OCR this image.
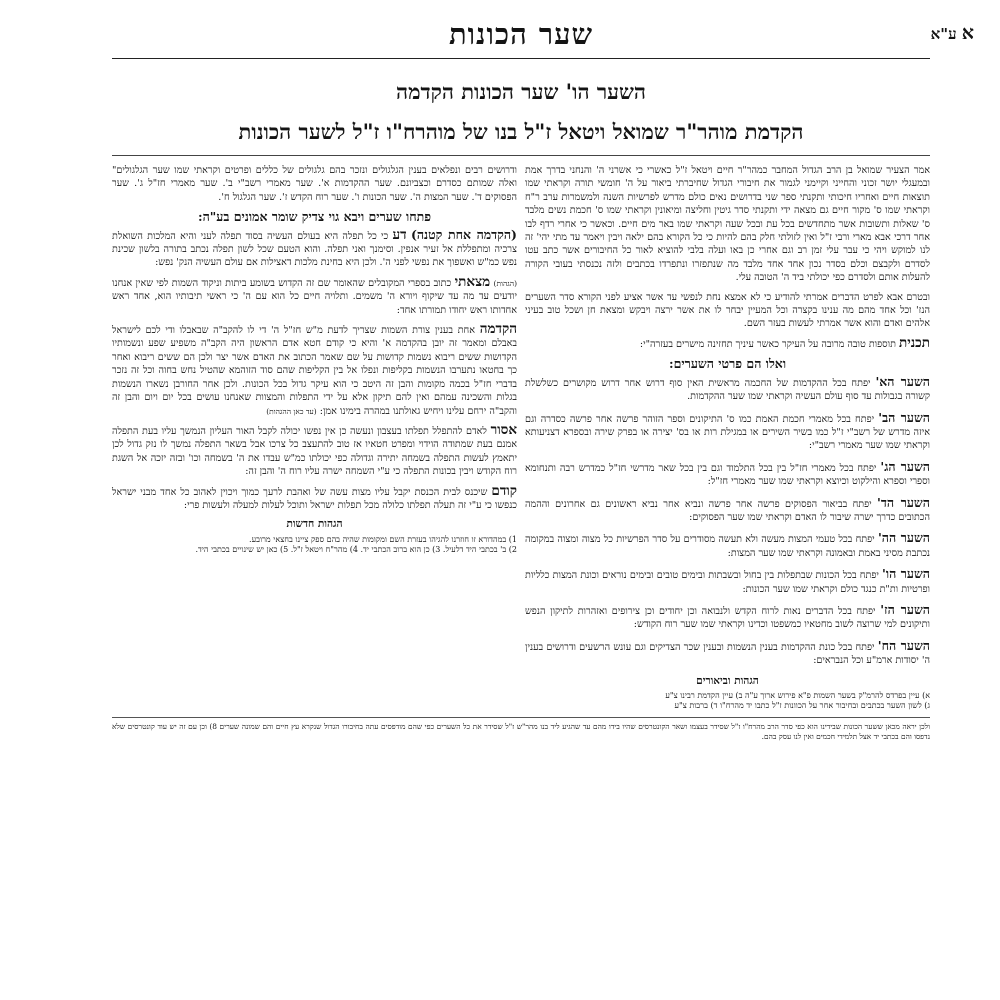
שער הכונות	א ע"א
השער הו' שער הכונות הקדמה
הקדמת מוהר"ר שמואל ויטאל ז"ל בנו של מוהרח"ו ז"ל לשער הכונות

ודרושים רבים ונפלאים בענין הגלגולים ונזכר בהם גלגולים של כללים ופרטים וקראתי שמו שער הגלגולים" ואלה שמותם כסדרם וכצביונם. שער ההקדמות א'. שער מאמרי רשב"י ב'. שער מאמרי חז"ל ג'. שער הפסוקים ד'. שער המצות ה'. שער הכונות ו'. שער רוח הקדש ז'. שער הגלגול ח'.

פתחו שערים ויבא גוי צדיק שומר אמונים בע"ה:

(הקדמה אחת קטנה) דע כי כל תפלה היא בעולם העשיה בסוד תפלה לעני והיא המלכות השואלת צרכיה ומתפללת אל זעיר אנפין. וסימנך ואני תפלה. והוא הטעם שכל לשון תפלה נכתב בתורה בלשון שכינת נפש כמ"ש ואשפוך את נפשי לפני ה'. ולכן היא בחינת מלכות דאצילות אם עולם העשיה הנק' נפש:

(הגהות) מצאתי כתוב בספרי המקובלים שהאומר שם זה הקדוש בשומע ביתות וניקוד השמות לפי שאין אנחנו יודעים עד מה עד שיקוף ויורא ה' משמים. ותלויה חיים כל הוא עם ה' כי ראשי תיבותיו הוא, אחד ראש אחדותו ראש יחודו תמורתו אחד:

הקדמה אחת בענין צורת השמות שצריך לדעת מ"ש חז"ל ה' די לו להקב"ה שבאבלו ודי לכם לישראל באבלם ומאמר זה יובן בהקדמה א' והיא כי קודם חטא אדם הראשון היה הקב"ה משפיע שפע ונשמותיו הקדושות ששים ריבוא נשמות קדושות על שם שאמר הכתוב את האדם אשר יצר ולכן הם ששים ריבוא ואחר כך בחטאו נתערבו הנשמות בקליפות ונפלו אל בין הקליפות שהם סוד הזוהמא שהטיל נחש בחוה וכל זה נזכר בדברי חז"ל בכמה מקומות והבן זה היטב כי הוא עיקר גדול בכל הכונות. ולכן אחר החורבן נשארו הנשמות בגלות והשכינה עמהם ואין להם תיקון אלא על ידי התפלות והמצוות שאנחנו עושים בכל יום ויום והבן זה והקב"ה ירחם עלינו ויחיש גאולתנו במהרה בימינו אמן: (עד כאן ההגהות)

אסור לאדם להתפלל תפלתו בעצבון ונעשה כן אין נפשו יכולה לקבל האור העליון הנמשך עליו בעת התפלה אמנם בעת שמתודה הוידוי ומפרט חטאיו אז טוב להתעצב כל צרכו אבל בשאר התפלה נמשך לו נזק גדול לכן יתאמץ לעשות התפלה בשמחה יתירה וגדולה כפי יכולתו כמ"ש עבדו את ה' בשמחה וכו' ובזה יזכה אל השגת רוח הקודש ויבין בכונות התפלה כי ע"י השמחה ישרה עליו רוח ה' והבן זה:

קודם שיכנס לבית הכנסת יקבל עליו מצות עשה של ואהבת לרעך כמוך ויכוין לאהוב כל אחד מבני ישראל כנפשו כי ע"י זה תעלה תפלתו כלולה מכל תפלות ישראל ותוכל לעלות למעלה ולעשות פרי:

הגהות חדשות
1) במהדורא זו חוזרנו להגיהו בעזרת השם ומקומות שהיה בהם ספק ציינו בחצאי מרובע.
2) ב' בכתבי היד דלעיל. 3) כן הוא ברוב הכתבי יד. 4) מהר"ח ויטאל ז"ל. 5) כאן יש שינויים בכתבי היד.

אמר הצעיר שמואל בן הרב הגדול המחבר כמהר"ר חיים ויטאל ז"ל כאשרי כי אשרני ה' והנחני בדרך אמת ובמעגלי יושר זכוני והחייני וקיימני לגמור את חיבורי הגדול שחיברתי ביאור על ה' חומשי תורה וקראתי שמו תוצאות חיים ואחריו חיכותי ותקנתי ספר שני בדרושים נאים כולם מדרש לפרשיות השנה ולמשמרות ערב ר"ח וקראתי שמו ס' מקור חיים גם מצאה ידי ותקנתי סדר גיטין וחליצה ומיאונין וקראתי שמו ס' חכמת נשים מלבד ס' שאלות ותשובות אשר מתחדשים בכל עת ובכל שעה וקראתי שמו באר מים חיים. וכאשר כי אחרי רדף לבו אחר דרכי אבא מארי ורבי ז"ל ואין לזולתי חלק בהם להיות כי כל הקורא בהם ילאה ויבין ויאמר עד מתי יהי' זה לנו למוקש ויהי כי עבר עלי זמן רב וגם אחרי כן באו ועלה בלבי להוציא לאור כל החיבורים אשר כתב עטו לסדרם ולקבצם וכלם בסדר נכון אחד אחד מלבד מה שנתפזרו ונתפרדו בכתבים ולזה נכנסתי בעובי הקורה להעלות אותם ולסדרם כפי יכולתי ביד ה' הטובה עלי.

ובטרם אבא לפרט הדברים אמרתי להודיע כי לא אמצא נחת לנפשי עד אשר אציע לפני הקורא סדר השערים הנז' וכל אחד מהם מה ענינו בקצרה וכל המעיין יבחר לו את אשר ירצה ויבקש ומצאת חן ושכל טוב בעיני אלהים ואדם והוא אשר אמרתי לעשות בעזר השם.

תכנית תוספות טובה מרובה על העיקר כאשר עיניך תחזינה מישרים בעזרה"י:

ואלו הם פרטי השערים:
השער הא' יפתח בכל ההקדמות של החכמה מראשית האין סוף דרוש אחר דרוש מקושרים כשלשלת קשורה בגבולות עד סוף עולם העשיה וקראתי שמו שער ההקדמות.
השער הב' יפתח בכל מאמרי חכמת האמת כמו ס' התיקונים וספר הזוהר פרשה אחר פרשה כסדרה וגם איזה מדרש של רשב"י ז"ל כמו בשיר השירים או במגילת רות או בס' יצירה או בפרק שירה ובספרא דצניעותא וקראתי שמו שער מאמרי רשב"י:
השער הג' יפתח בכל מאמרי חז"ל בין בכל התלמוד וגם בין בכל שאר מדרשי חז"ל כמדרש רבה ותנחומא וספרי וספרא והילקוט וכיוצא וקראתי שמו שער מאמרי חז"ל:
השער הד' יפתח בביאור הפסוקים פרשה אחר פרשה ונביא אחר נביא ראשונים גם אחרונים וההמה הכתובים כדרך ישרה שיבור לו האדם וקראתי שמו שער הפסוקים:
השער הה' יפתח בכל טעמי המצות מעשה ולא תעשה מסודרים על סדר הפרשיות כל מצוה ומצוה במקומה נכתבת מסיני באמת ובאמונה וקראתי שמו שער המצות:
השער הו' יפתח בכל הכונות שבתפלות בין בחול ובשבתות ובימים טובים ובימים נוראים וכונת המצות כלליות ופרטיות ות"ת כנגד כולם וקראתי שמו שער הכונות:
השער הז' יפתח בכל הדברים נאות לרוח הקדש ולנבואה וכן יחודים וכן צירופים ואזהרות לתיקון הנפש ותיקונים למי שרוצה לשוב מחטאיו כמשפטו וכדינו וקראתי שמו שער רוח הקודש:
השער הח' יפתח בכל כונת ההקדמות בענין הנשמות ובענין שכר הצדיקים וגם עונש הרשעים ודרושים בענין ה' יסודות ארמ"ע וכל הנבראים:
הגהות וביאורים
א) עיין בפרדס להרמ"ק בשער השמות פ"א פירוש ארוך ע"ה ב) עיין הקדמת רבינו צ"ע
ג) לשון השער בכתבים ובחיבור אחר על הכוונות ז"ל כתבו יד מהרח"ו ד) ברבות צ"ע
ולכן יראה מכאן ששער הכונות שבידינו הוא כפי סדר הרב מהרח"ו ז"ל שסידר בעצמו ושאר הקונטרסים שהיו בידו מהם עד שהגיע ליד בנו מהר"ש ז"ל שסידר את כל השערים כפי שהם מודפסים עתה בחיבורו הגדול שנקרא עץ חיים והם שמונה שערים 8) וכן עם זה יש עוד קונטרסים שלא נדפסו והם בכתבי יד אצל תלמידי חכמים ואין לנו עסק בהם.
